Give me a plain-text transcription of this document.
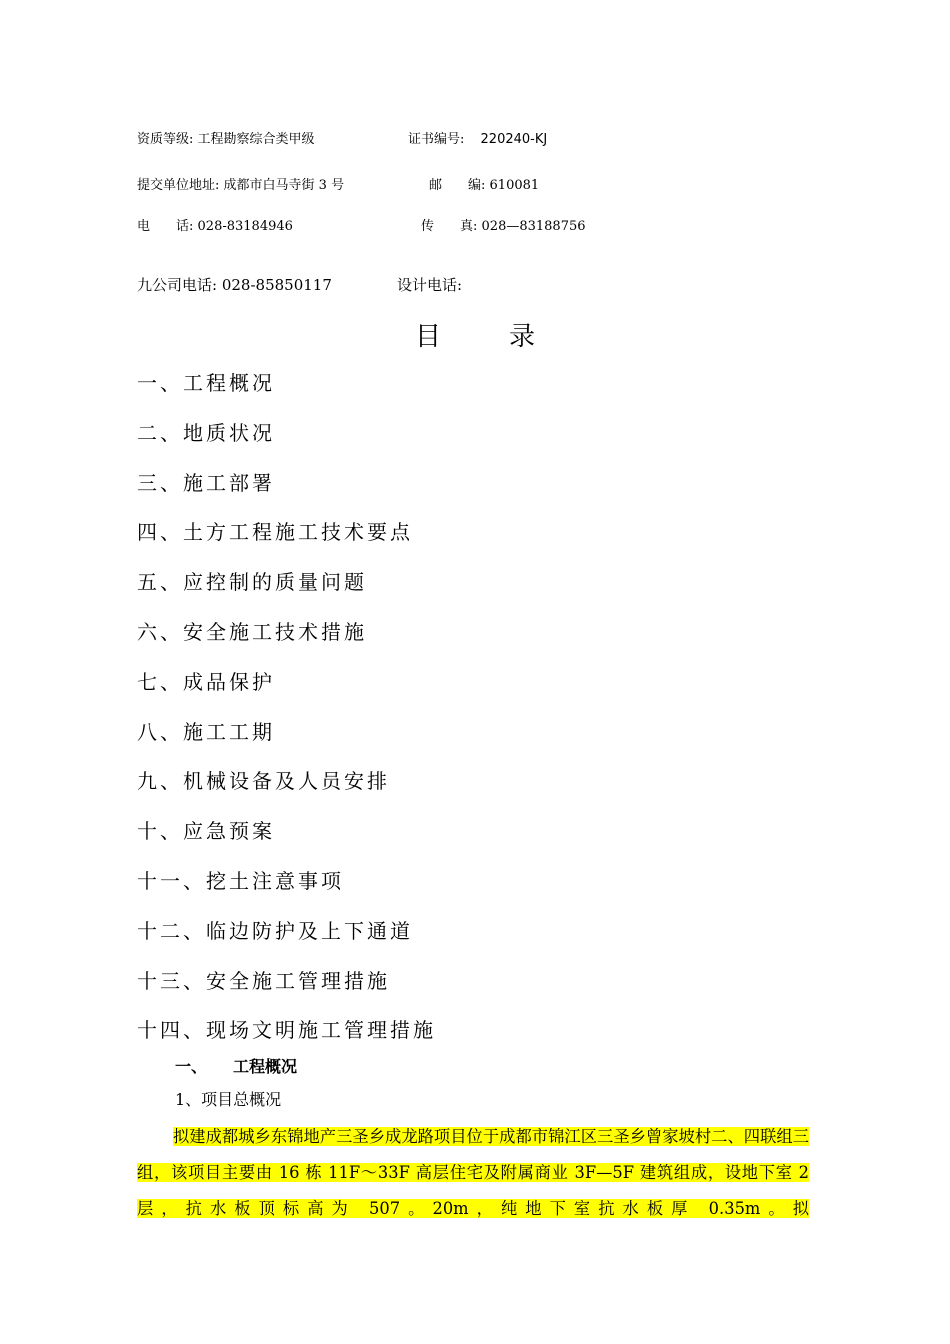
资质等级: 工程勘察综合类甲级	证书编号: 220240-KJ
提交单位地址: 成都市白马寺街 3 号	邮　　编: 610081
电　　话: 028-83184946	传　　真: 028—83188756
九公司电话: 028-85850117	设计电话:
目录
一、工程概况
二、地质状况
三、施工部署
四、土方工程施工技术要点
五、应控制的质量问题
六、安全施工技术措施
七、成品保护
八、施工工期
九、机械设备及人员安排
十、应急预案
十一、挖土注意事项
十二、临边防护及上下通道
十三、安全施工管理措施
十四、现场文明施工管理措施
一、 工程概况
1、项目总概况

拟建成都城乡东锦地产三圣乡成龙路项目位于成都市锦江区三圣乡曾家坡村二、四联组三组，该项目主要由 16 栋 11F～33F 高层住宅及附属商业 3F—5F 建筑组成，设地下室 2 层，抗水板顶标高为 507。20m，纯地下室抗水板厚 0.35m。拟
